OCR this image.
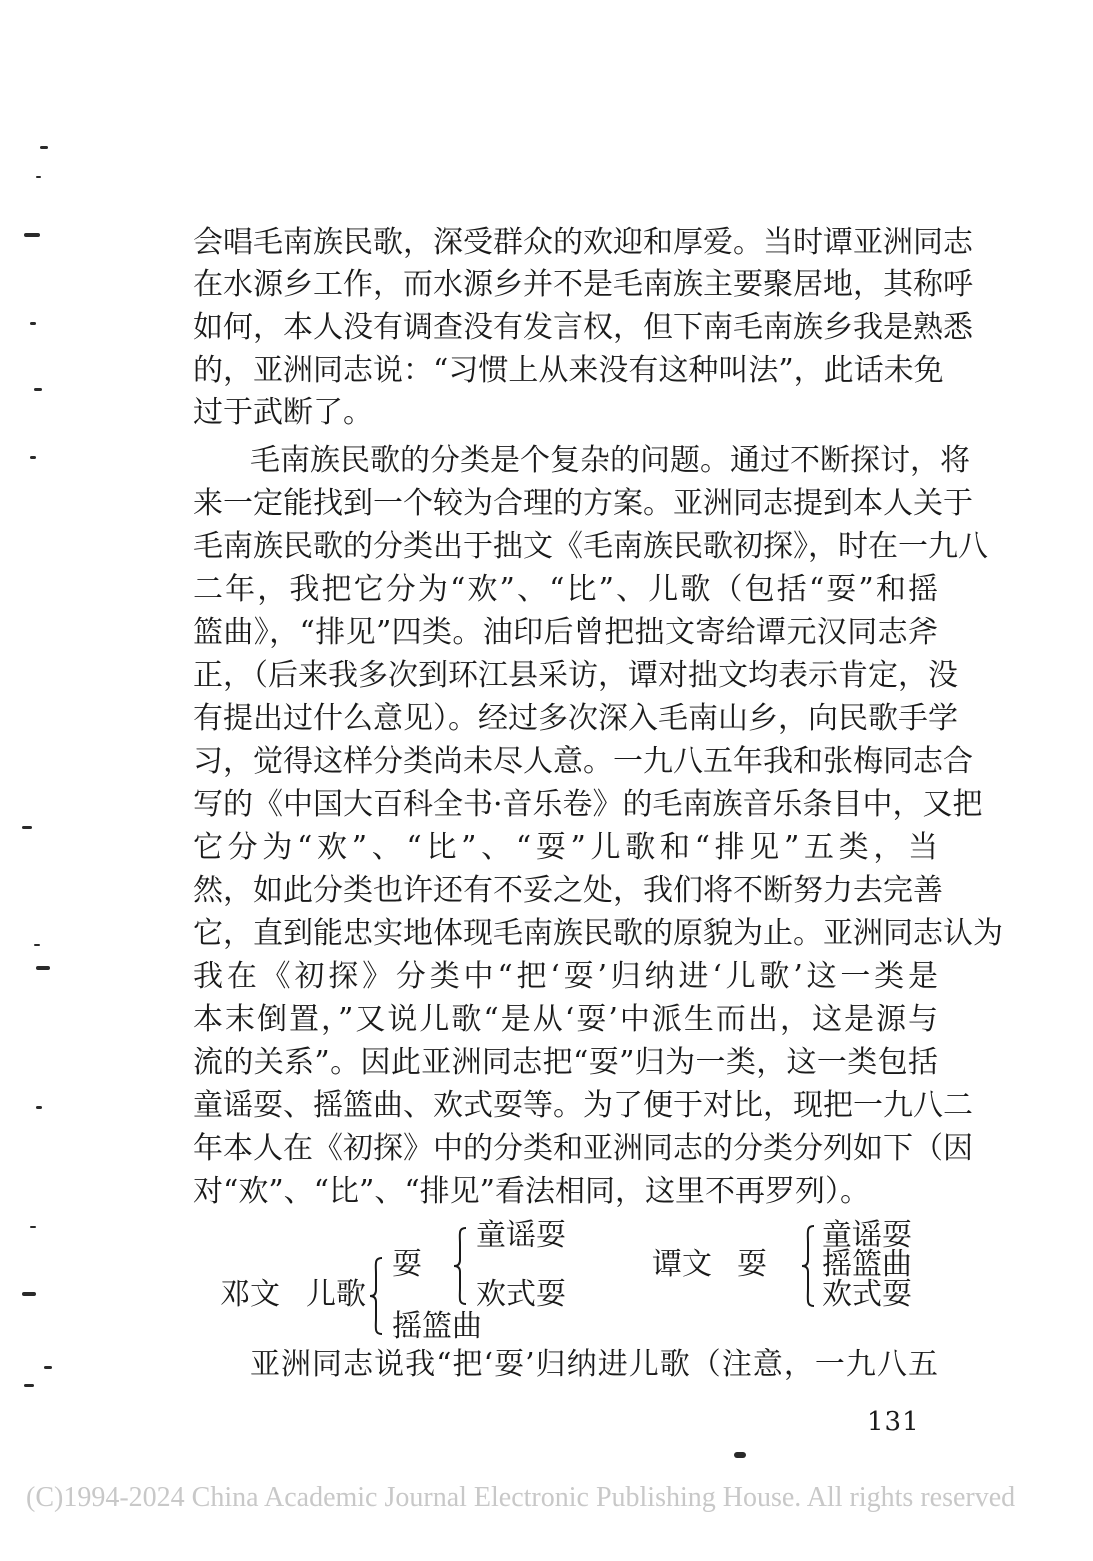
会唱毛南族民歌，深受群众的欢迎和厚爱。当时谭亚洲同志
在水源乡工作，而水源乡并不是毛南族主要聚居地，其称呼
如何，本人没有调查没有发言权，但下南毛南族乡我是熟悉
的，亚洲同志说：“习惯上从来没有这种叫法”，此话未免
过于武断了。
毛南族民歌的分类是个复杂的问题。通过不断探讨，将
来一定能找到一个较为合理的方案。亚洲同志提到本人关于
毛南族民歌的分类出于拙文《毛南族民歌初探》，时在一九八
二年，我把它分为“欢”、“比”、儿歌（包括“耍”和摇
篮曲》，“排见”四类。油印后曾把拙文寄给谭元汉同志斧
正，（后来我多次到环江县采访，谭对拙文均表示肯定，没
有提出过什么意见）。经过多次深入毛南山乡，向民歌手学
习，觉得这样分类尚未尽人意。一九八五年我和张梅同志合
写的《中国大百科全书·音乐卷》的毛南族音乐条目中，又把
它分为“欢”、“比”、“耍”儿歌和“排见”五类，当
然，如此分类也许还有不妥之处，我们将不断努力去完善
它，直到能忠实地体现毛南族民歌的原貌为止。亚洲同志认为
我在《初探》分类中“把‘耍’归纳进‘儿歌’这一类是
本末倒置，”又说儿歌“是从‘耍’中派生而出，这是源与
流的关系”。因此亚洲同志把“耍”归为一类，这一类包括
童谣耍、摇篮曲、欢式耍等。为了便于对比，现把一九八二
年本人在《初探》中的分类和亚洲同志的分类分列如下（因
对“欢”、“比”、“排见”看法相同，这里不再罗列）。
邓文 儿歌
耍
摇篮曲
童谣耍
欢式耍
谭文 耍
童谣耍
摇篮曲
欢式耍
亚洲同志说我“把‘耍’归纳进儿歌（注意，一九八五
131
(C)1994-2024 China Academic Journal Electronic Publishing House. All rights reserved
